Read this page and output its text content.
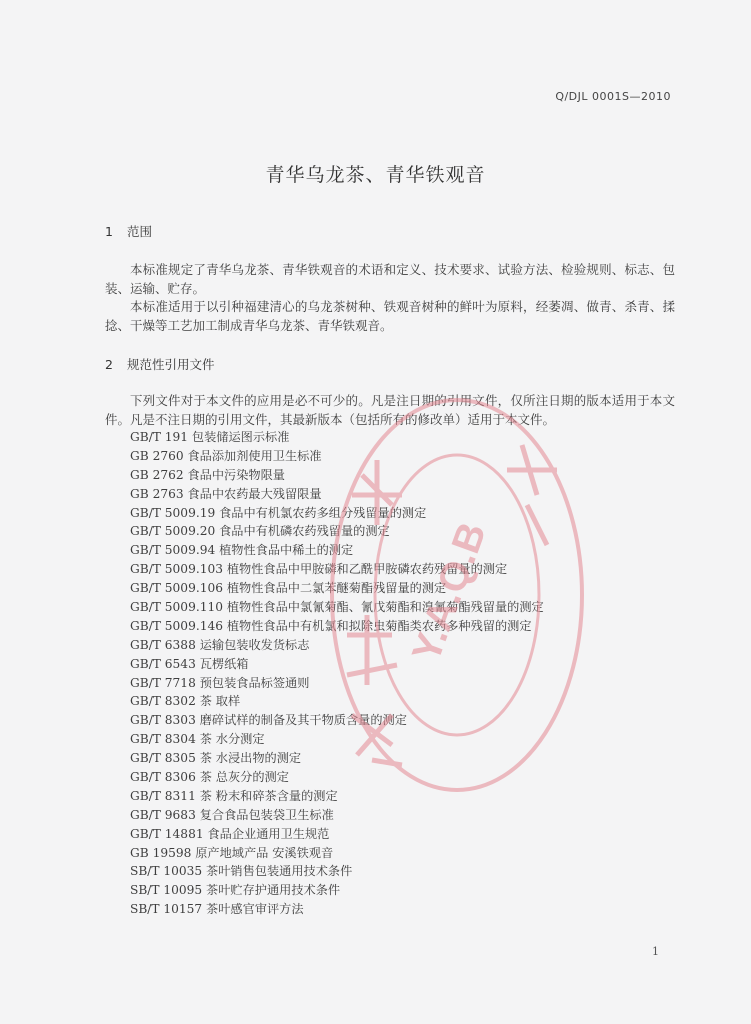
Q/DJL 0001S—2010
青华乌龙茶、青华铁观音
1 范围
本标准规定了青华乌龙茶、青华铁观音的术语和定义、技术要求、试验方法、检验规则、标志、包装、运输、贮存。
本标准适用于以引种福建清心的乌龙茶树种、铁观音树种的鲜叶为原料，经萎凋、做青、杀青、揉捻、干燥等工艺加工制成青华乌龙茶、青华铁观音。
2 规范性引用文件
下列文件对于本文件的应用是必不可少的。凡是注日期的引用文件，仅所注日期的版本适用于本文件。凡是不注日期的引用文件，其最新版本（包括所有的修改单）适用于本文件。
GB/T 191 包装储运图示标准
GB 2760 食品添加剂使用卫生标准
GB 2762 食品中污染物限量
GB 2763 食品中农药最大残留限量
GB/T 5009.19 食品中有机氯农药多组分残留量的测定
GB/T 5009.20 食品中有机磷农药残留量的测定
GB/T 5009.94 植物性食品中稀土的测定
GB/T 5009.103 植物性食品中甲胺磷和乙酰甲胺磷农药残留量的测定
GB/T 5009.106 植物性食品中二氯苯醚菊酯残留量的测定
GB/T 5009.110 植物性食品中氯氰菊酯、氰戊菊酯和溴氰菊酯残留量的测定
GB/T 5009.146 植物性食品中有机氯和拟除虫菊酯类农药多种残留的测定
GB/T 6388 运输包装收发货标志
GB/T 6543 瓦楞纸箱
GB/T 7718 预包装食品标签通则
GB/T 8302 茶 取样
GB/T 8303 磨碎试样的制备及其干物质含量的测定
GB/T 8304 茶 水分测定
GB/T 8305 茶 水浸出物的测定
GB/T 8306 茶 总灰分的测定
GB/T 8311 茶 粉末和碎茶含量的测定
GB/T 9683 复合食品包装袋卫生标准
GB/T 14881 食品企业通用卫生规范
GB 19598 原产地域产品 安溪铁观音
SB/T 10035 茶叶销售包装通用技术条件
SB/T 10095 茶叶贮存护通用技术条件
SB/T 10157 茶叶感官审评方法
Y.A.Q.B
1
